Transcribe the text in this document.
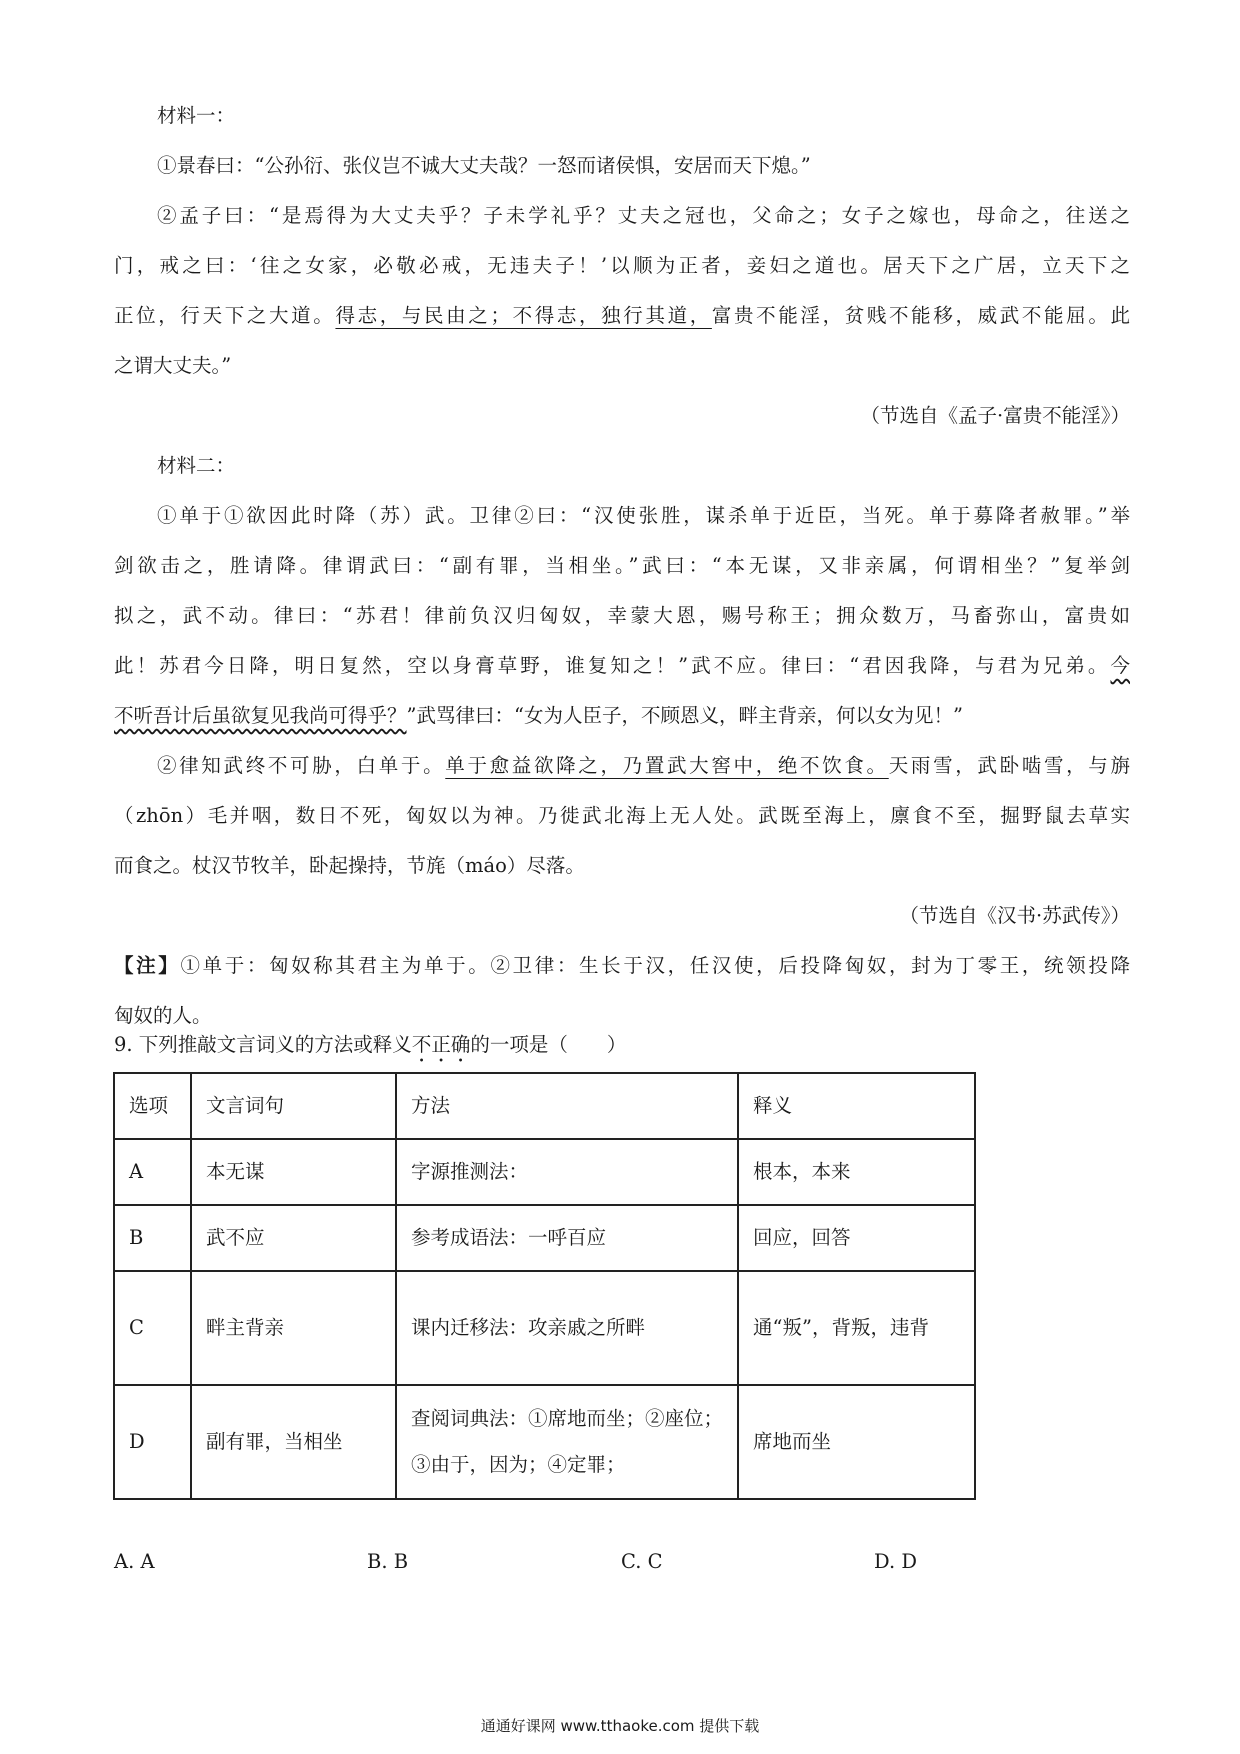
材料一：
①景春曰：“公孙衍、张仪岂不诚大丈夫哉？一怒而诸侯惧，安居而天下熄。”
②孟子曰：“是焉得为大丈夫乎？子未学礼乎？丈夫之冠也，父命之；女子之嫁也，母命之，往送之
门，戒之曰：‘往之女家，必敬必戒，无违夫子！’以顺为正者，妾妇之道也。居天下之广居，立天下之
正位，行天下之大道。得志，与民由之；不得志，独行其道，富贵不能淫，贫贱不能移，威武不能屈。此
之谓大丈夫。”
（节选自《孟子·富贵不能淫》）
材料二：
①单于①欲因此时降（苏）武。卫律②曰：“汉使张胜，谋杀单于近臣，当死。单于募降者赦罪。”举
剑欲击之，胜请降。律谓武曰：“副有罪，当相坐。”武曰：“本无谋，又非亲属，何谓相坐？”复举剑
拟之，武不动。律曰：“苏君！律前负汉归匈奴，幸蒙大恩，赐号称王；拥众数万，马畜弥山，富贵如
此！苏君今日降，明日复然，空以身膏草野，谁复知之！”武不应。律曰：“君因我降，与君为兄弟。今
不听吾计后虽欲复见我尚可得乎？”武骂律曰：“女为人臣子，不顾恩义，畔主背亲，何以女为见！”
②律知武终不可胁，白单于。单于愈益欲降之，乃置武大窖中，绝不饮食。天雨雪，武卧啮雪，与旃
（zhōn）毛并咽，数日不死，匈奴以为神。乃徙武北海上无人处。武既至海上，廪食不至，掘野鼠去草实
而食之。杖汉节牧羊，卧起操持，节旄（máo）尽落。
（节选自《汉书·苏武传》）
【注】①单于：匈奴称其君主为单于。②卫律：生长于汉，任汉使，后投降匈奴，封为丁零王，统领投降
匈奴的人。
9. 下列推敲文言词义的方法或释义不正确的一项是（　　）
选项	文言词句	方法	释义
A	本无谋	字源推测法：	根本，本来
B	武不应	参考成语法：一呼百应	回应，回答
C	畔主背亲	课内迁移法：攻亲戚之所畔	通“叛”，背叛，违背
D	副有罪，当相坐	查阅词典法：①席地而坐；②座位；③由于，因为；④定罪；	席地而坐
A. A	B. B	C. C	D. D
通通好课网 www.tthaoke.com 提供下载
